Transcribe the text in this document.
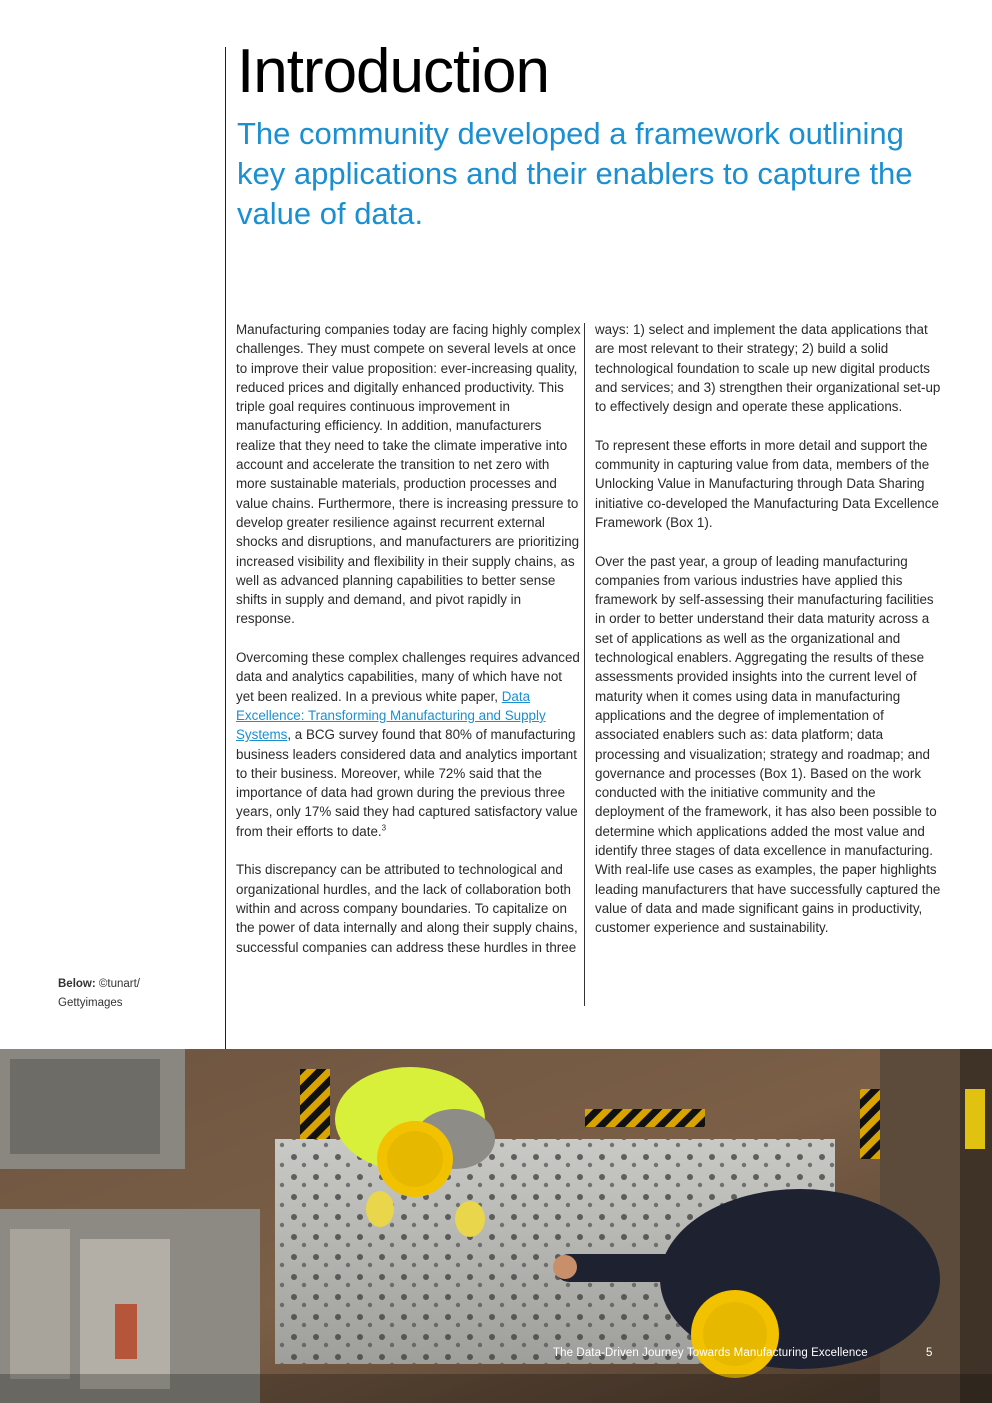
Introduction
The community developed a framework outlining key applications and their enablers to capture the value of data.

Manufacturing companies today are facing highly complex challenges. They must compete on several levels at once to improve their value proposition: ever-increasing quality, reduced prices and digitally enhanced productivity. This triple goal requires continuous improvement in manufacturing efficiency. In addition, manufacturers realize that they need to take the climate imperative into account and accelerate the transition to net zero with more sustainable materials, production processes and value chains. Furthermore, there is increasing pressure to develop greater resilience against recurrent external shocks and disruptions, and manufacturers are prioritizing increased visibility and flexibility in their supply chains, as well as advanced planning capabilities to better sense shifts in supply and demand, and pivot rapidly in response.

Overcoming these complex challenges requires advanced data and analytics capabilities, many of which have not yet been realized. In a previous white paper, Data Excellence: Transforming Manufacturing and Supply Systems, a BCG survey found that 80% of manufacturing business leaders considered data and analytics important to their business. Moreover, while 72% said that the importance of data had grown during the previous three years, only 17% said they had captured satisfactory value from their efforts to date.$^3$

This discrepancy can be attributed to technological and organizational hurdles, and the lack of collaboration both within and across company boundaries. To capitalize on the power of data internally and along their supply chains, successful companies can address these hurdles in three

ways: 1) select and implement the data applications that are most relevant to their strategy; 2) build a solid technological foundation to scale up new digital products and services; and 3) strengthen their organizational set-up to effectively design and operate these applications.

To represent these efforts in more detail and support the community in capturing value from data, members of the Unlocking Value in Manufacturing through Data Sharing initiative co-developed the Manufacturing Data Excellence Framework (Box 1).

Over the past year, a group of leading manufacturing companies from various industries have applied this framework by self-assessing their manufacturing facilities in order to better understand their data maturity across a set of applications as well as the organizational and technological enablers. Aggregating the results of these assessments provided insights into the current level of maturity when it comes using data in manufacturing applications and the degree of implementation of associated enablers such as: data platform; data processing and visualization; strategy and roadmap; and governance and processes (Box 1). Based on the work conducted with the initiative community and the deployment of the framework, it has also been possible to determine which applications added the most value and identify three stages of data excellence in manufacturing. With real-life use cases as examples, the paper highlights leading manufacturers that have successfully captured the value of data and made significant gains in productivity, customer experience and sustainability.

Below: ©tunart/
Gettyimages
The Data-Driven Journey Towards Manufacturing Excellence	5
